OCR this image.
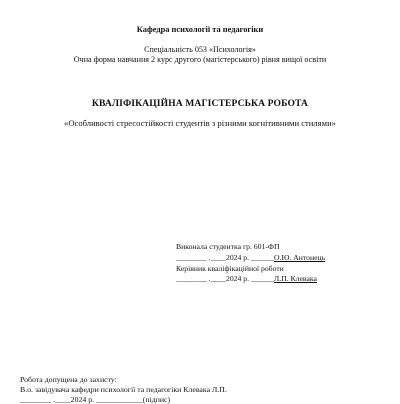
Кафедра психології та педагогіки
Спеціальність 053 «Психологія»
Очна форма навчання 2 курс другого (магістерського) рівня вищої освіти
КВАЛІФІКАЦІЙНА МАГІСТЕРСЬКА РОБОТА
«Особливості стресостійкості студентів з різними когнітивними стилями»
Виконала студентка гр. 601-ФП
________ .____2024 р. ______О.Ю. Антонець
Керівник кваліфікаційної роботи
________ .____2024 р. ______Л.П. Клевака
Робота допущена до захисту:
В.о. завідувача кафедри психології та педагогіки Клевака Л.П.
________ .____2024 р. ____________(підпис)
